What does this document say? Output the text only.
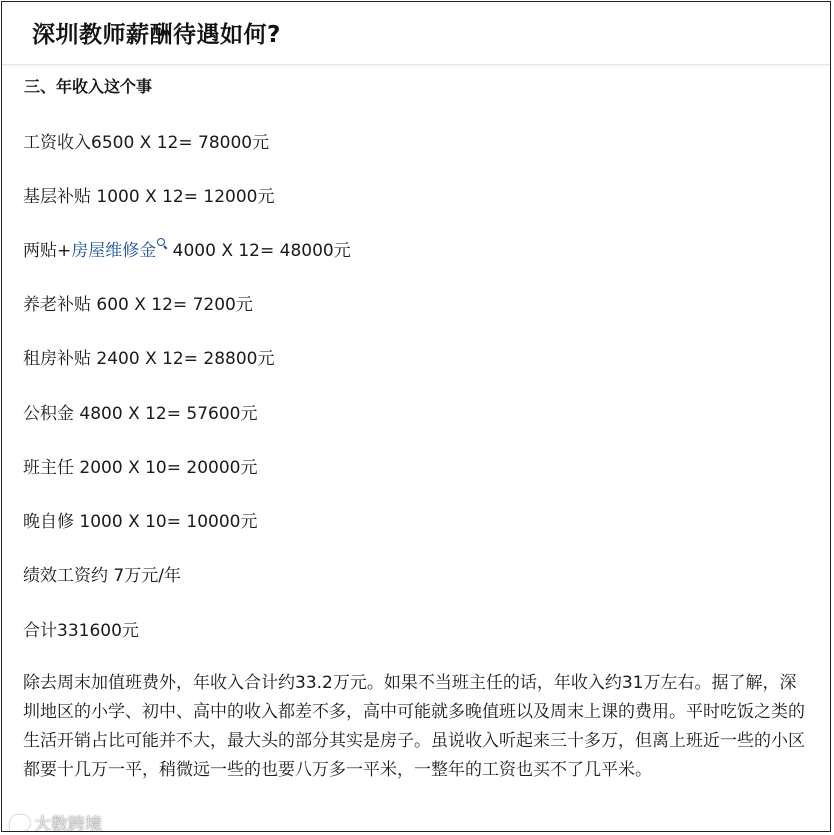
深圳教师薪酬待遇如何?

三、年收入这个事

工资收入6500 X 12= 78000元

基层补贴 1000 X 12= 12000元

两贴+房屋维修金
4000 X 12= 48000元

养老补贴 600 X 12= 7200元

租房补贴 2400 X 12= 28800元

公积金 4800 X 12= 57600元

班主任 2000 X 10= 20000元

晚自修 1000 X 10= 10000元

绩效工资约 7万元/年

合计331600元

除去周末加值班费外，年收入合计约33.2万元。如果不当班主任的话，年收入约31万左右。据了解，深圳地区的小学、初中、高中的收入都差不多，高中可能就多晚值班以及周末上课的费用。平时吃饭之类的生活开销占比可能并不大，最大头的部分其实是房子。虽说收入听起来三十多万，但离上班近一些的小区都要十几万一平，稍微远一些的也要八万多一平米，一整年的工资也买不了几平米。

大数跨境
